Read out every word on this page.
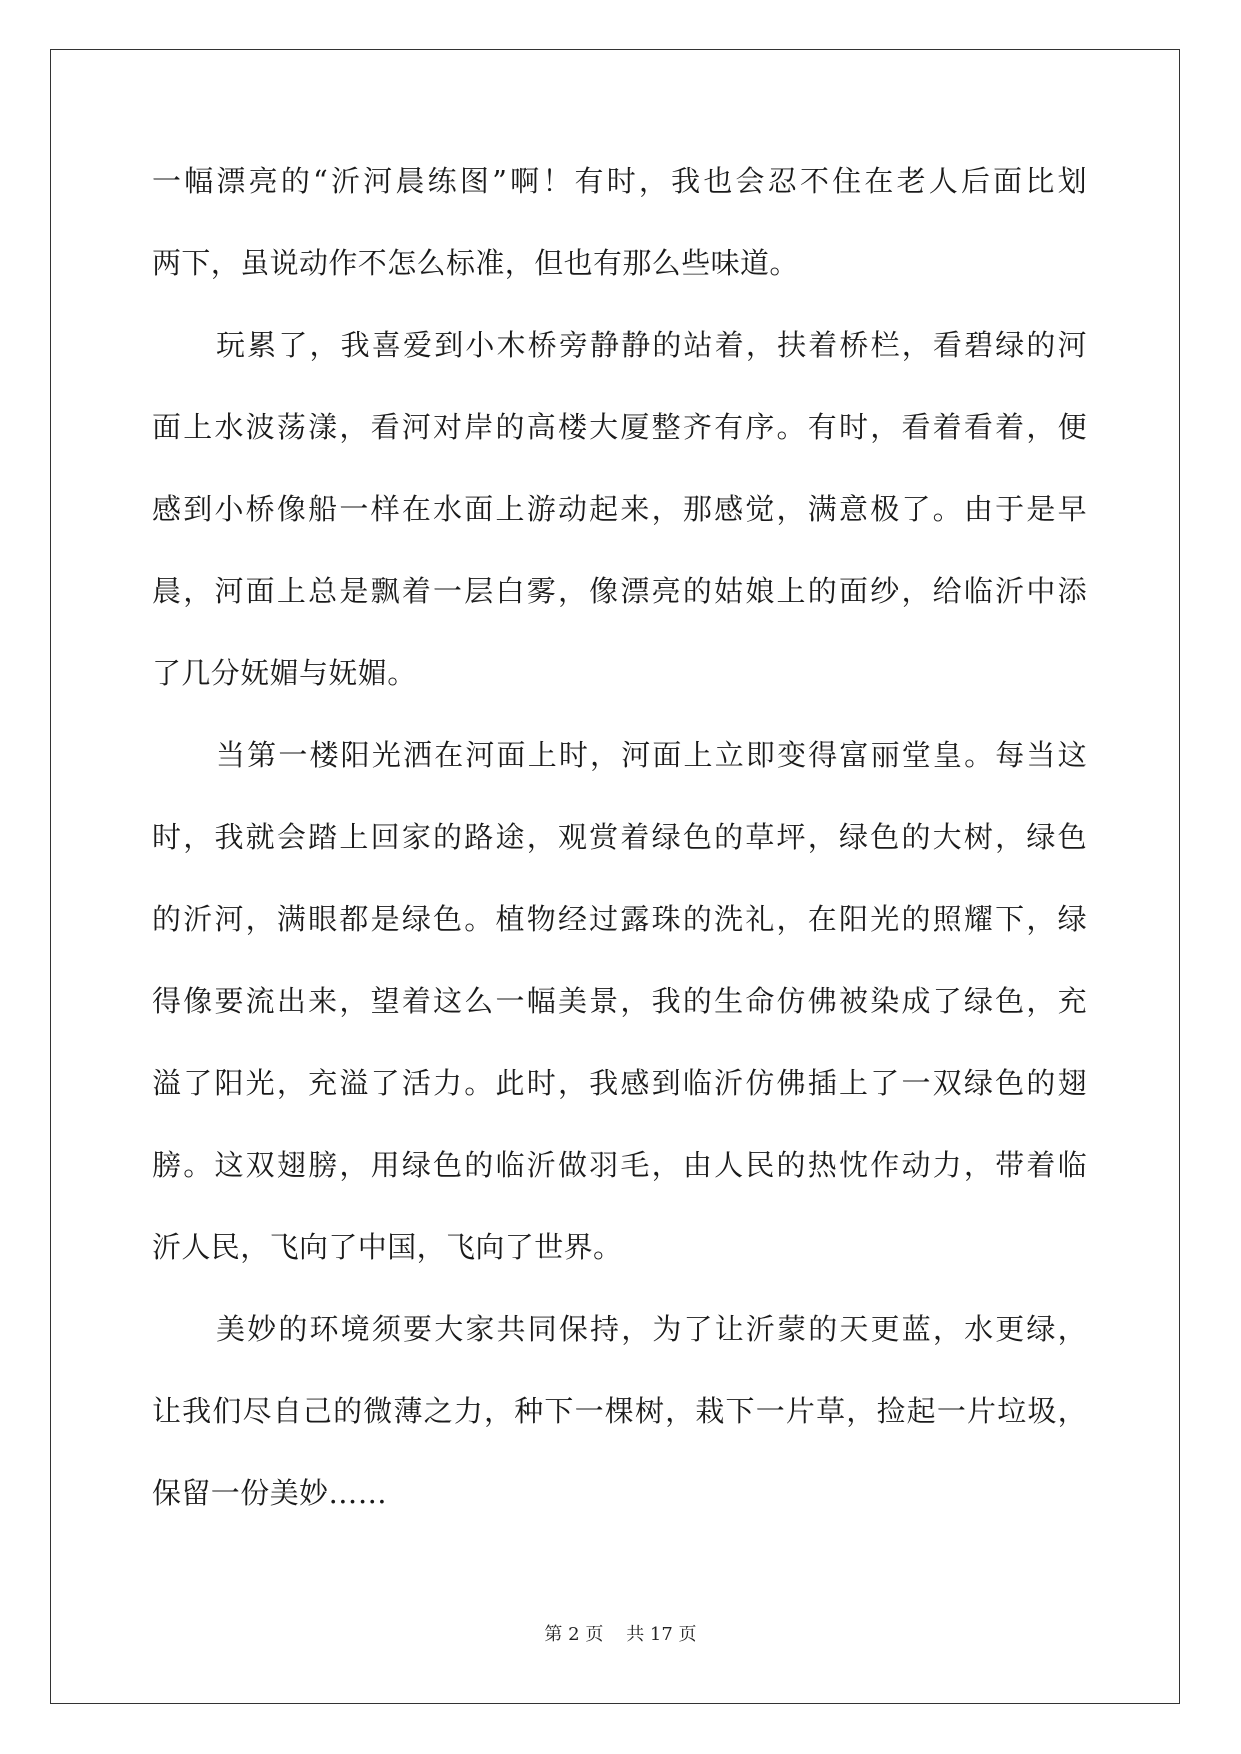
一幅漂亮的“沂河晨练图”啊！有时，我也会忍不住在老人后面比划
两下，虽说动作不怎么标准，但也有那么些味道。
玩累了，我喜爱到小木桥旁静静的站着，扶着桥栏，看碧绿的河
面上水波荡漾，看河对岸的高楼大厦整齐有序。有时，看着看着，便
感到小桥像船一样在水面上游动起来，那感觉，满意极了。由于是早
晨，河面上总是飘着一层白雾，像漂亮的姑娘上的面纱，给临沂中添
了几分妩媚与妩媚。
当第一楼阳光洒在河面上时，河面上立即变得富丽堂皇。每当这
时，我就会踏上回家的路途，观赏着绿色的草坪，绿色的大树，绿色
的沂河，满眼都是绿色。植物经过露珠的洗礼，在阳光的照耀下，绿
得像要流出来，望着这么一幅美景，我的生命仿佛被染成了绿色，充
溢了阳光，充溢了活力。此时，我感到临沂仿佛插上了一双绿色的翅
膀。这双翅膀，用绿色的临沂做羽毛，由人民的热忱作动力，带着临
沂人民，飞向了中国，飞向了世界。
美妙的环境须要大家共同保持，为了让沂蒙的天更蓝，水更绿，
让我们尽自己的微薄之力，种下一棵树，栽下一片草，捡起一片垃圾，
保留一份美妙……
第 2 页    共 17 页
